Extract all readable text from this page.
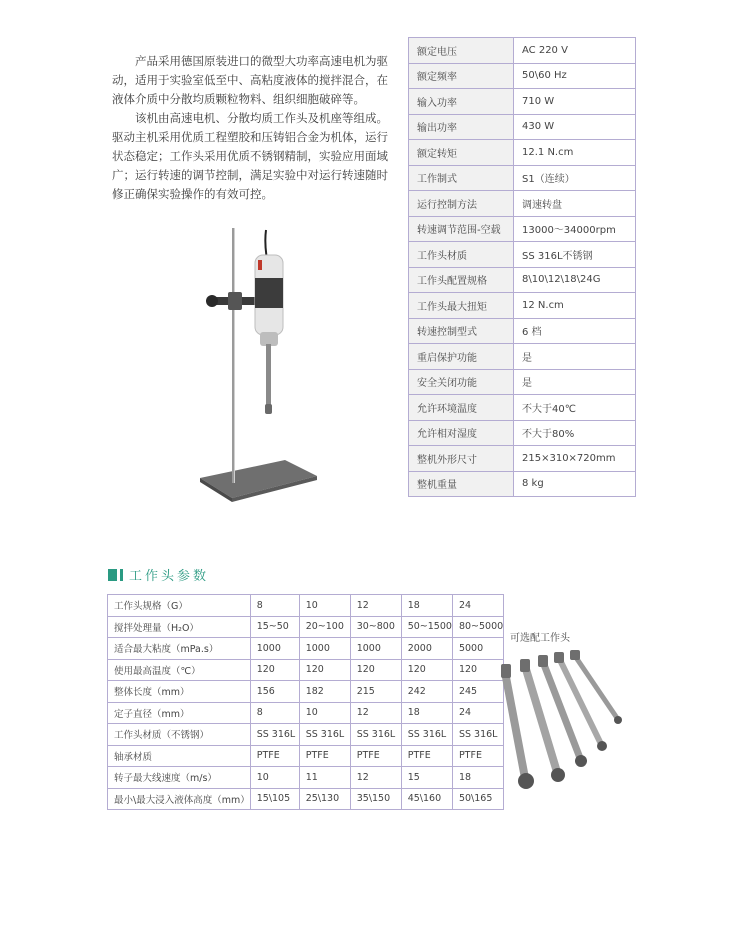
产品采用德国原装进口的微型大功率高速电机为驱动，适用于实验室低至中、高粘度液体的搅拌混合，在液体介质中分散均质颗粒物料、组织细胞破碎等。

该机由高速电机、分散均质工作头及机座等组成。驱动主机采用优质工程塑胶和压铸铝合金为机体，运行状态稳定；工作头采用优质不锈钢精制，实验应用面域广；运行转速的调节控制，满足实验中对运行转速随时修正确保实验操作的有效可控。

额定电压	AC 220 V
额定频率	50\60 Hz
输入功率	710 W
输出功率	430 W
额定转矩	12.1 N.cm
工作制式	S1（连续）
运行控制方法	调速转盘
转速调节范围-空载	13000～34000rpm
工作头材质	SS 316L不锈钢
工作头配置规格	8\10\12\18\24G
工作头最大扭矩	12 N.cm
转速控制型式	6 档
重启保护功能	是
安全关闭功能	是
允许环境温度	不大于40℃
允许相对湿度	不大于80%
整机外形尺寸	215×310×720mm
整机重量	8 kg
工作头参数
工作头规格（G）	8	10	12	18	24
搅拌处理量（H₂O）	15~50	20~100	30~800	50~1500	80~5000
适合最大粘度（mPa.s）	1000	1000	1000	2000	5000
使用最高温度（℃）	120	120	120	120	120
整体长度（mm）	156	182	215	242	245
定子直径（mm）	8	10	12	18	24
工作头材质（不锈钢）	SS 316L	SS 316L	SS 316L	SS 316L	SS 316L
轴承材质	PTFE	PTFE	PTFE	PTFE	PTFE
转子最大线速度（m/s）	10	11	12	15	18
最小\最大浸入液体高度（mm）	15\105	25\130	35\150	45\160	50\165
可选配工作头
